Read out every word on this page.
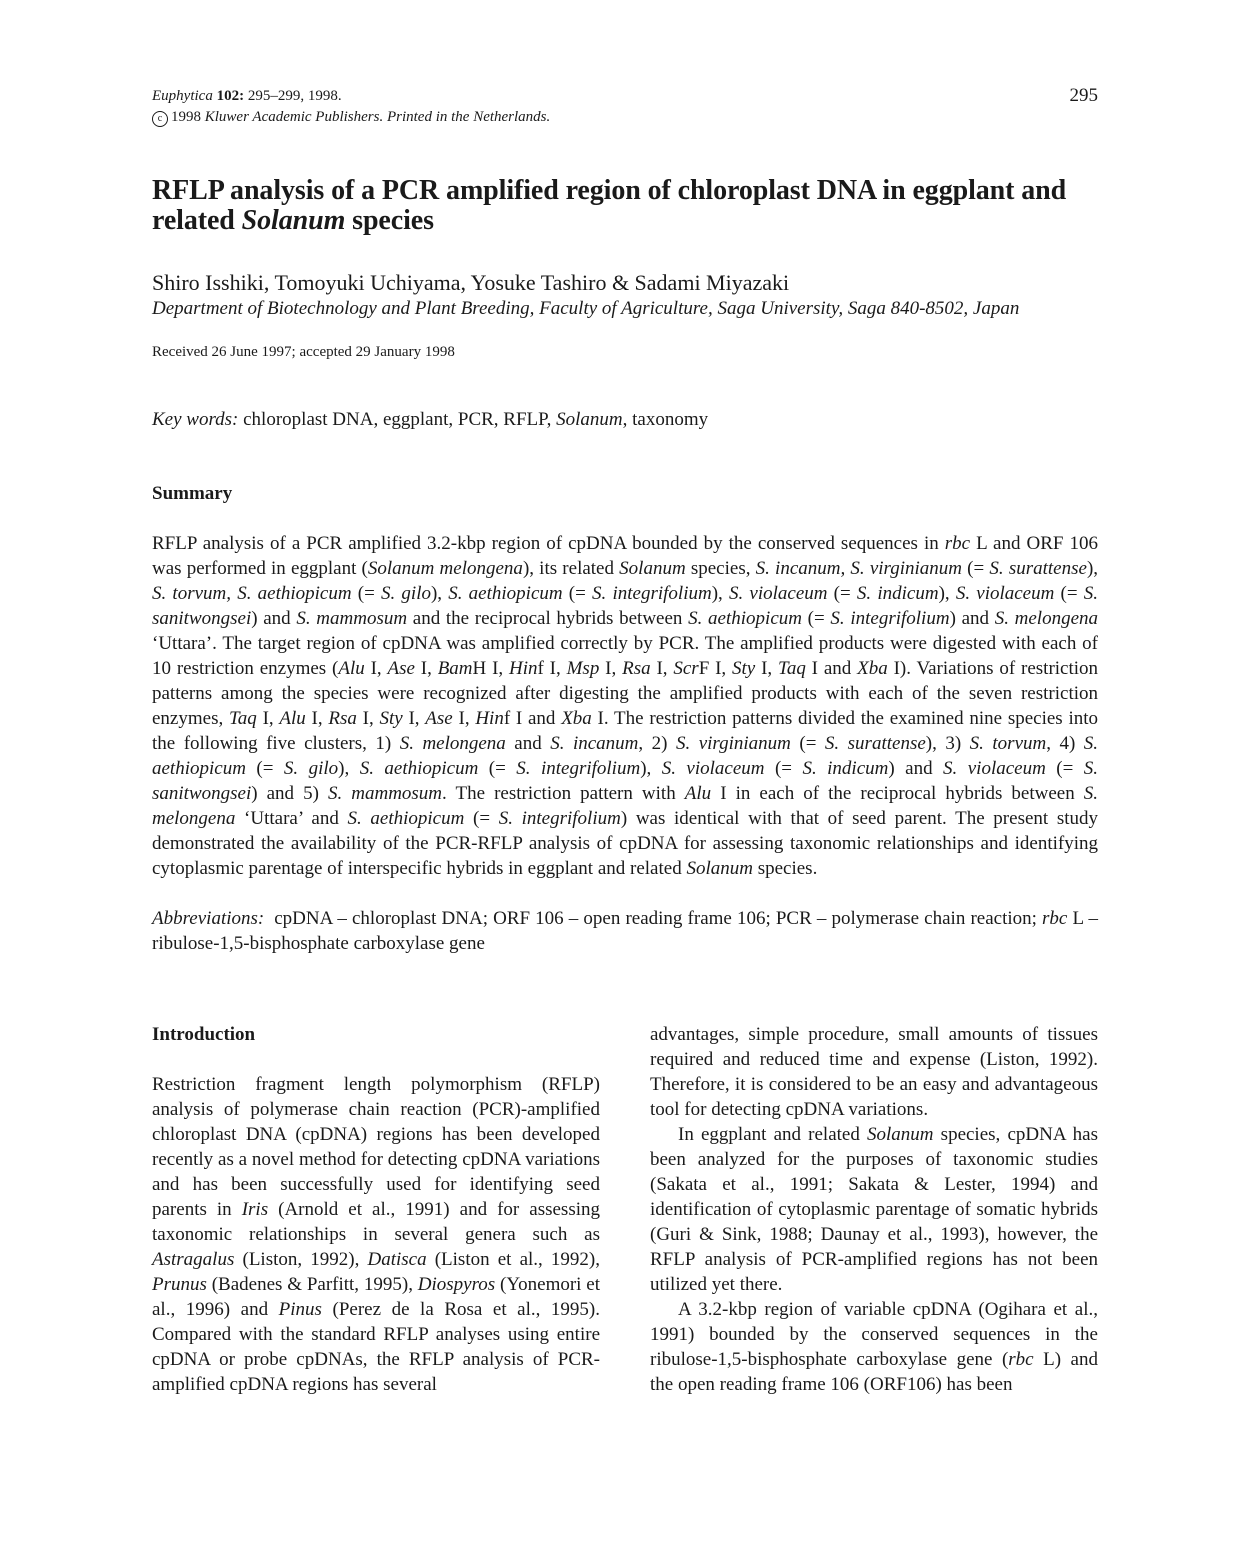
Euphytica 102: 295–299, 1998.
c 1998 Kluwer Academic Publishers. Printed in the Netherlands.
295
RFLP analysis of a PCR amplified region of chloroplast DNA in eggplant and related Solanum species
Shiro Isshiki, Tomoyuki Uchiyama, Yosuke Tashiro & Sadami Miyazaki
Department of Biotechnology and Plant Breeding, Faculty of Agriculture, Saga University, Saga 840-8502, Japan
Received 26 June 1997; accepted 29 January 1998
Key words: chloroplast DNA, eggplant, PCR, RFLP, Solanum, taxonomy
Summary
RFLP analysis of a PCR amplified 3.2-kbp region of cpDNA bounded by the conserved sequences in rbc L and ORF 106 was performed in eggplant (Solanum melongena), its related Solanum species, S. incanum, S. virginianum (= S. surattense), S. torvum, S. aethiopicum (= S. gilo), S. aethiopicum (= S. integrifolium), S. violaceum (= S. indicum), S. violaceum (= S. sanitwongsei) and S. mammosum and the reciprocal hybrids between S. aethiopicum (= S. integrifolium) and S. melongena ‘Uttara’. The target region of cpDNA was amplified correctly by PCR. The amplified products were digested with each of 10 restriction enzymes (Alu I, Ase I, BamH I, Hinf I, Msp I, Rsa I, ScrF I, Sty I, Taq I and Xba I). Variations of restriction patterns among the species were recognized after digesting the amplified products with each of the seven restriction enzymes, Taq I, Alu I, Rsa I, Sty I, Ase I, Hinf I and Xba I. The restriction patterns divided the examined nine species into the following five clusters, 1) S. melongena and S. incanum, 2) S. virginianum (= S. surattense), 3) S. torvum, 4) S. aethiopicum (= S. gilo), S. aethiopicum (= S. integrifolium), S. violaceum (= S. indicum) and S. violaceum (= S. sanitwongsei) and 5) S. mammosum. The restriction pattern with Alu I in each of the reciprocal hybrids between S. melongena ‘Uttara’ and S. aethiopicum (= S. integrifolium) was identical with that of seed parent. The present study demonstrated the availability of the PCR-RFLP analysis of cpDNA for assessing taxonomic relationships and identifying cytoplasmic parentage of interspecific hybrids in eggplant and related Solanum species.
Abbreviations: cpDNA – chloroplast DNA; ORF 106 – open reading frame 106; PCR – polymerase chain reaction; rbc L – ribulose-1,5-bisphosphate carboxylase gene
Introduction

Restriction fragment length polymorphism (RFLP) analysis of polymerase chain reaction (PCR)-amplified chloroplast DNA (cpDNA) regions has been developed recently as a novel method for detecting cpDNA variations and has been successfully used for identifying seed parents in Iris (Arnold et al., 1991) and for assessing taxonomic relationships in several genera such as Astragalus (Liston, 1992), Datisca (Liston et al., 1992), Prunus (Badenes & Parfitt, 1995), Diospyros (Yonemori et al., 1996) and Pinus (Perez de la Rosa et al., 1995). Compared with the standard RFLP analyses using entire cpDNA or probe cpDNAs, the RFLP analysis of PCR-amplified cpDNA regions has several

advantages, simple procedure, small amounts of tissues required and reduced time and expense (Liston, 1992). Therefore, it is considered to be an easy and advantageous tool for detecting cpDNA variations.

In eggplant and related Solanum species, cpDNA has been analyzed for the purposes of taxonomic studies (Sakata et al., 1991; Sakata & Lester, 1994) and identification of cytoplasmic parentage of somatic hybrids (Guri & Sink, 1988; Daunay et al., 1993), however, the RFLP analysis of PCR-amplified regions has not been utilized yet there.

A 3.2-kbp region of variable cpDNA (Ogihara et al., 1991) bounded by the conserved sequences in the ribulose-1,5-bisphosphate carboxylase gene (rbc L) and the open reading frame 106 (ORF106) has been
